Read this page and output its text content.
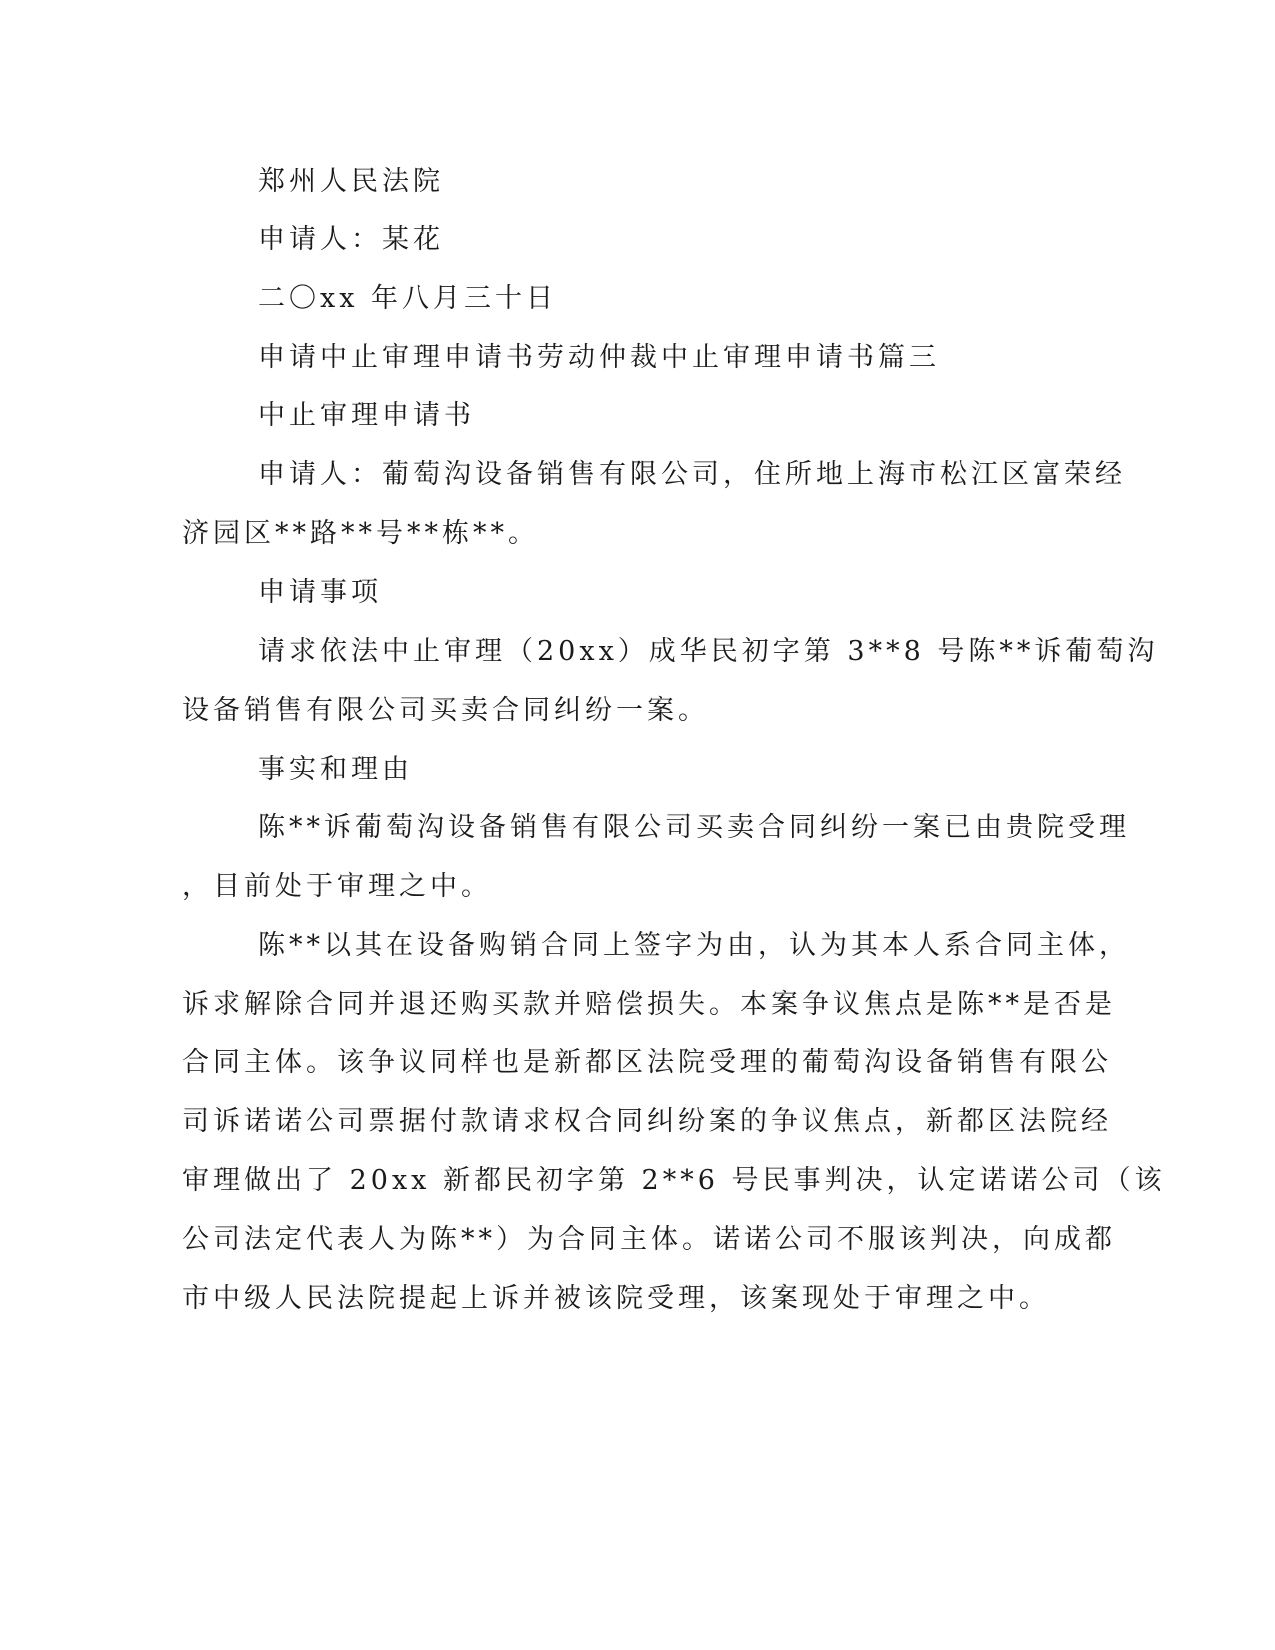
郑州人民法院

申请人：某花

二〇xx 年八月三十日

申请中止审理申请书劳动仲裁中止审理申请书篇三

中止审理申请书

申请人：葡萄沟设备销售有限公司，住所地上海市松江区富荣经

济园区**路**号**栋**。

申请事项

请求依法中止审理（20xx）成华民初字第 3**8 号陈**诉葡萄沟

设备销售有限公司买卖合同纠纷一案。

事实和理由

陈**诉葡萄沟设备销售有限公司买卖合同纠纷一案已由贵院受理

，目前处于审理之中。

陈**以其在设备购销合同上签字为由，认为其本人系合同主体，

诉求解除合同并退还购买款并赔偿损失。本案争议焦点是陈**是否是

合同主体。该争议同样也是新都区法院受理的葡萄沟设备销售有限公

司诉诺诺公司票据付款请求权合同纠纷案的争议焦点，新都区法院经

审理做出了 20xx 新都民初字第 2**6 号民事判决，认定诺诺公司（该

公司法定代表人为陈**）为合同主体。诺诺公司不服该判决，向成都

市中级人民法院提起上诉并被该院受理，该案现处于审理之中。
